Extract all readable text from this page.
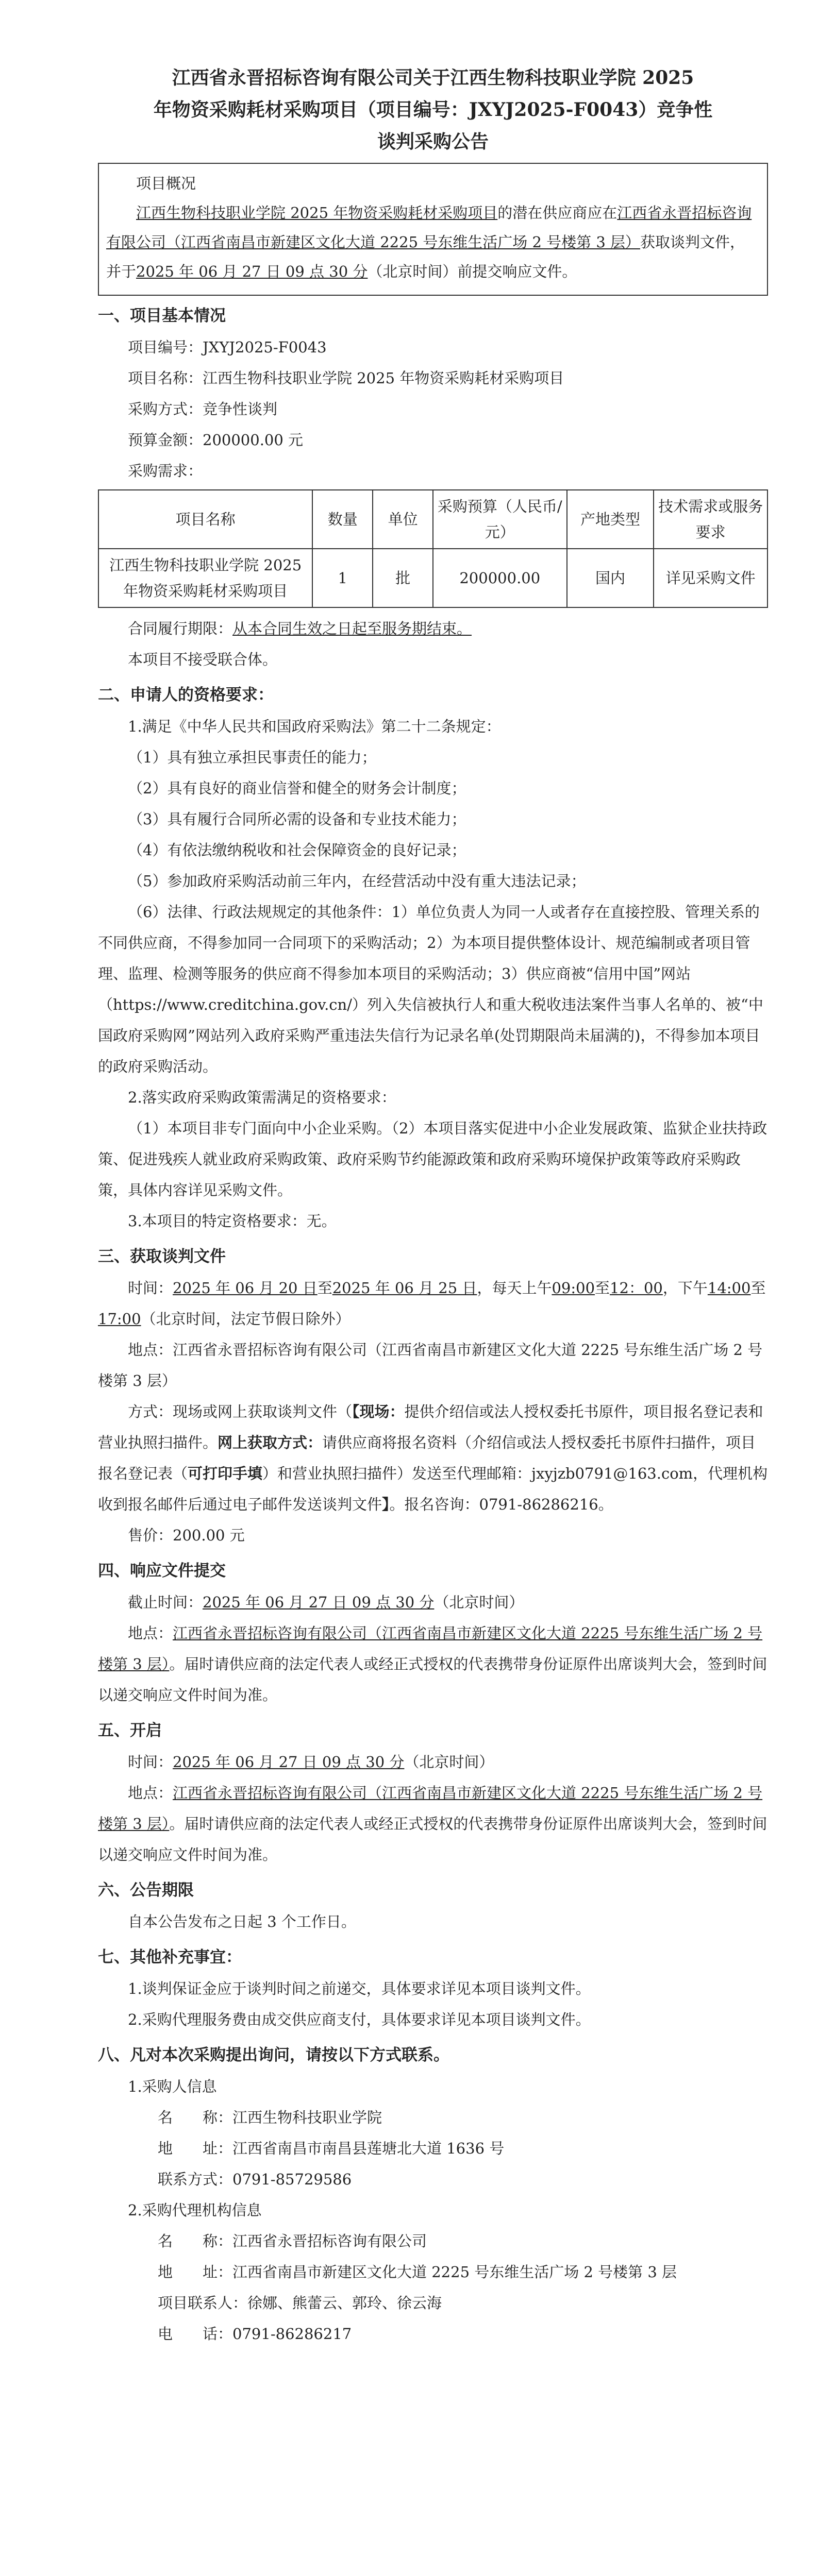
江西省永晋招标咨询有限公司关于江西生物科技职业学院 2025
年物资采购耗材采购项目（项目编号：JXYJ2025-F0043）竞争性
谈判采购公告
项目概况
江西生物科技职业学院 2025 年物资采购耗材采购项目的潜在供应商应在江西省永晋招标咨询有限公司（江西省南昌市新建区文化大道 2225 号东维生活广场 2 号楼第 3 层）获取谈判文件，并于2025 年 06 月 27 日 09 点 30 分（北京时间）前提交响应文件。
一、项目基本情况
项目编号：JXYJ2025-F0043
项目名称：江西生物科技职业学院 2025 年物资采购耗材采购项目
采购方式：竞争性谈判
预算金额：200000.00 元
采购需求：
项目名称	数量	单位	采购预算（人民币/元）	产地类型	技术需求或服务要求
江西生物科技职业学院 2025 年物资采购耗材采购项目	1	批	200000.00	国内	详见采购文件
合同履行期限：从本合同生效之日起至服务期结束。
本项目不接受联合体。
二、申请人的资格要求：
1.满足《中华人民共和国政府采购法》第二十二条规定：
（1）具有独立承担民事责任的能力；
（2）具有良好的商业信誉和健全的财务会计制度；
（3）具有履行合同所必需的设备和专业技术能力；
（4）有依法缴纳税收和社会保障资金的良好记录；
（5）参加政府采购活动前三年内，在经营活动中没有重大违法记录；
（6）法律、行政法规规定的其他条件：1）单位负责人为同一人或者存在直接控股、管理关系的不同供应商，不得参加同一合同项下的采购活动；2）为本项目提供整体设计、规范编制或者项目管理、监理、检测等服务的供应商不得参加本项目的采购活动；3）供应商被“信用中国”网站（https://www.creditchina.gov.cn/）列入失信被执行人和重大税收违法案件当事人名单的、被“中国政府采购网”网站列入政府采购严重违法失信行为记录名单(处罚期限尚未届满的)，不得参加本项目的政府采购活动。
2.落实政府采购政策需满足的资格要求：
（1）本项目非专门面向中小企业采购。（2）本项目落实促进中小企业发展政策、监狱企业扶持政策、促进残疾人就业政府采购政策、政府采购节约能源政策和政府采购环境保护政策等政府采购政策，具体内容详见采购文件。
3.本项目的特定资格要求：无。
三、获取谈判文件
时间：2025 年 06 月 20 日至2025 年 06 月 25 日，每天上午09:00至12：00，下午14:00至17:00（北京时间，法定节假日除外）
地点：江西省永晋招标咨询有限公司（江西省南昌市新建区文化大道 2225 号东维生活广场 2 号楼第 3 层）
方式：现场或网上获取谈判文件（【现场：提供介绍信或法人授权委托书原件，项目报名登记表和营业执照扫描件。网上获取方式：请供应商将报名资料（介绍信或法人授权委托书原件扫描件，项目报名登记表（可打印手填）和营业执照扫描件）发送至代理邮箱：jxyjzb0791@163.com，代理机构收到报名邮件后通过电子邮件发送谈判文件】。报名咨询：0791-86286216。
售价：200.00 元
四、响应文件提交
截止时间：2025 年 06 月 27 日 09 点 30 分（北京时间）
地点：江西省永晋招标咨询有限公司（江西省南昌市新建区文化大道 2225 号东维生活广场 2 号楼第 3 层）。届时请供应商的法定代表人或经正式授权的代表携带身份证原件出席谈判大会，签到时间以递交响应文件时间为准。
五、开启
时间：2025 年 06 月 27 日 09 点 30 分（北京时间）
地点：江西省永晋招标咨询有限公司（江西省南昌市新建区文化大道 2225 号东维生活广场 2 号楼第 3 层）。届时请供应商的法定代表人或经正式授权的代表携带身份证原件出席谈判大会，签到时间以递交响应文件时间为准。
六、公告期限
自本公告发布之日起 3 个工作日。
七、其他补充事宜：
1.谈判保证金应于谈判时间之前递交，具体要求详见本项目谈判文件。
2.采购代理服务费由成交供应商支付，具体要求详见本项目谈判文件。
八、凡对本次采购提出询问，请按以下方式联系。
1.采购人信息
名　　称：江西生物科技职业学院
地　　址：江西省南昌市南昌县莲塘北大道 1636 号
联系方式：0791-85729586
2.采购代理机构信息
名　　称：江西省永晋招标咨询有限公司
地　　址：江西省南昌市新建区文化大道 2225 号东维生活广场 2 号楼第 3 层
项目联系人：徐娜、熊蕾云、郭玲、徐云海
电　　话：0791-86286217
